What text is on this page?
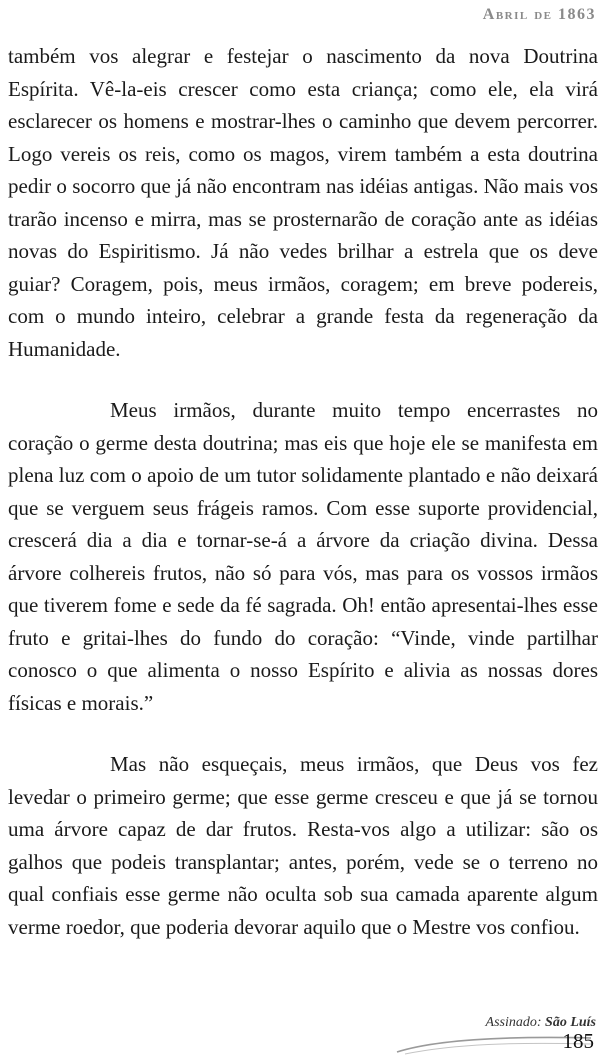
Abril de 1863

também vos alegrar e festejar o nascimento da nova Doutrina Espírita. Vê-la-eis crescer como esta criança; como ele, ela virá esclarecer os homens e mostrar-lhes o caminho que devem percorrer. Logo vereis os reis, como os magos, virem também a esta doutrina pedir o socorro que já não encontram nas idéias antigas. Não mais vos trarão incenso e mirra, mas se prosternarão de coração ante as idéias novas do Espiritismo. Já não vedes brilhar a estrela que os deve guiar? Coragem, pois, meus irmãos, coragem; em breve podereis, com o mundo inteiro, celebrar a grande festa da regeneração da Humanidade.

Meus irmãos, durante muito tempo encerrastes no coração o germe desta doutrina; mas eis que hoje ele se manifesta em plena luz com o apoio de um tutor solidamente plantado e não deixará que se verguem seus frágeis ramos. Com esse suporte providencial, crescerá dia a dia e tornar-se-á a árvore da criação divina. Dessa árvore colhereis frutos, não só para vós, mas para os vossos irmãos que tiverem fome e sede da fé sagrada. Oh! então apresentai-lhes esse fruto e gritai-lhes do fundo do coração: “Vinde, vinde partilhar conosco o que alimenta o nosso Espírito e alivia as nossas dores físicas e morais.”

Mas não esqueçais, meus irmãos, que Deus vos fez levedar o primeiro germe; que esse germe cresceu e que já se tornou uma árvore capaz de dar frutos. Resta-vos algo a utilizar: são os galhos que podeis transplantar; antes, porém, vede se o terreno no qual confiais esse germe não oculta sob sua camada aparente algum verme roedor, que poderia devorar aquilo que o Mestre vos confiou.

Assinado: São Luís
185
